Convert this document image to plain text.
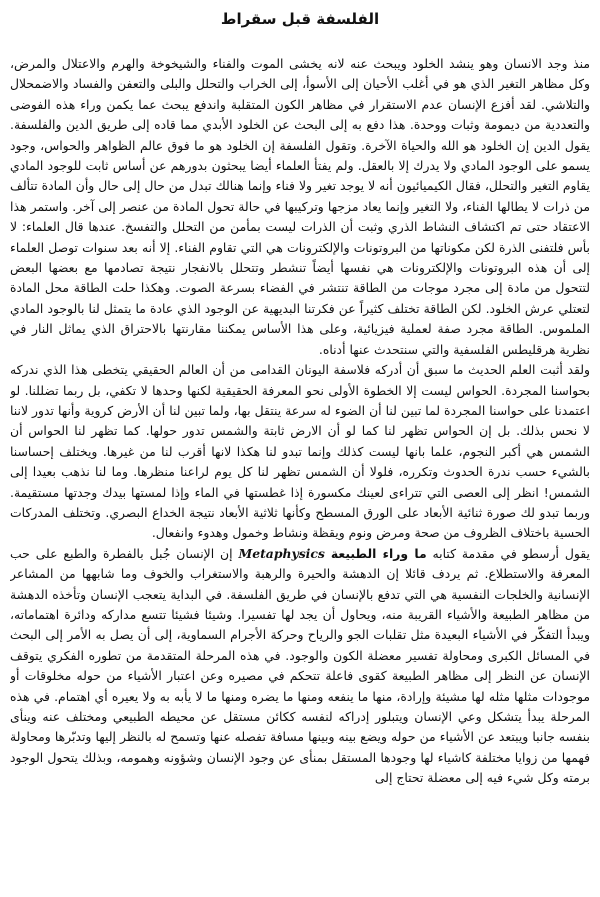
الفلسفة قبل سقراط

منذ وجد الانسان وهو ينشد الخلود ويبحث عنه لانه يخشى الموت والفناء والشيخوخة والهرم والاعتلال والمرض، وكل مظاهر التغير الذي هو في أغلب الأحيان إلى الأسوأ، إلى الخراب والتحلل والبلى والتعفن والفساد والاضمحلال والتلاشي. لقد أفزع الإنسان عدم الاستقرار في مظاهر الكون المتقلبة واندفع يبحث عما يكمن وراء هذه الفوضى والتعددية من ديمومة وثبات ووحدة. هذا دفع به إلى البحث عن الخلود الأبدي مما قاده إلى طريق الدين والفلسفة. يقول الدين إن الخلود هو الله والحياة الآخرة. وتقول الفلسفة إن الخلود هو ما فوق عالم الظواهر والحواس، وجود يسمو على الوجود المادي ولا يدرك إلا بالعقل. ولم يفتأ العلماء أيضا يبحثون بدورهم عن أساس ثابت للوجود المادي يقاوم التغير والتحلل، فقال الكيميائيون أنه لا يوجد تغير ولا فناء وإنما هنالك تبدل من حال إلى حال وأن المادة تتألف من ذرات لا يطالها الفناء، ولا التغير وإنما يعاد مزجها وتركيبها في حالة تحول المادة من عنصر إلى آخر. واستمر هذا الاعتقاد حتى تم اكتشاف النشاط الذري وثبت أن الذرات ليست بمأمن من التحلل والتفسخ. عندها قال العلماء: لا بأس فلتفنى الذرة لكن مكوناتها من البروتونات والإلكترونات هي التي تقاوم الفناء. إلا أنه بعد سنوات توصل العلماء إلى أن هذه البروتونات والإلكترونات هي نفسها أيضاً تنشطر وتتحلل بالانفجار نتيجة تصادمها مع بعضها البعض لتتحول من مادة إلى مجرد موجات من الطاقة تنتشر في الفضاء بسرعة الصوت. وهكذا حلت الطاقة محل المادة لتعتلي عرش الخلود. لكن الطاقة تختلف كثيراً عن فكرتنا البديهية عن الوجود الذي عادة ما يتمثل لنا بالوجود المادي الملموس. الطاقة مجرد صفة لعملية فيزيائية، وعلى هذا الأساس يمكننا مقارنتها بالاحتراق الذي يماثل النار في نظرية هرقليطس الفلسفية والتي سنتحدث عنها أدناه.

ولقد أثبت العلم الحديث ما سبق أن أدركه فلاسفة اليونان القدامى من أن العالم الحقيقي يتخطى هذا الذي ندركه بحواسنا المجردة. الحواس ليست إلا الخطوة الأولى نحو المعرفة الحقيقية لكنها وحدها لا تكفي، بل ربما تضللنا. لو اعتمدنا على حواسنا المجردة لما تبين لنا أن الضوء له سرعة ينتقل بها، ولما تبين لنا أن الأرض كروية وأنها تدور لاننا لا نحس بذلك. بل إن الحواس تظهر لنا كما لو أن الارض ثابتة والشمس تدور حولها. كما تظهر لنا الحواس أن الشمس هي أكبر النجوم، علما بانها ليست كذلك وإنما تبدو لنا هكذا لانها أقرب لنا من غيرها. ويختلف إحساسنا بالشيء حسب ندرة الحدوث وتكرره، فلولا أن الشمس تظهر لنا كل يوم لراعنا منظرها. وما لنا نذهب بعيدا إلى الشمس! انظر إلى العصى التي تتراءى لعينك مكسورة إذا غطستها في الماء وإذا لمستها بيدك وجدتها مستقيمة. وربما تبدو لك صورة ثنائية الأبعاد على الورق المسطح وكأنها ثلاثية الأبعاد نتيجة الخداع البصري. وتختلف المدركات الحسية باختلاف الظروف من صحة ومرض ونوم ويقظة ونشاط وخمول وهدوء وانفعال.

يقول أرسطو في مقدمة كتابه ما وراء الطبيعة Metaphysics إن الإنسان جُبل بالفطرة والطبع على حب المعرفة والاستطلاع. ثم يردف قائلا إن الدهشة والحيرة والرهبة والاستغراب والخوف وما شابهها من المشاعر الإنسانية والخلجات النفسية هي التي تدفع بالإنسان في طريق الفلسفة. في البداية يتعجب الإنسان وتأخذه الدهشة من مظاهر الطبيعة والأشياء القريبة منه، ويحاول أن يجد لها تفسيرا. وشيئا فشيئا تتسع مداركه ودائرة اهتماماته، ويبدأ التفكّر في الأشياء البعيدة مثل تقلبات الجو والرياح وحركة الأجرام السماوية، إلى أن يصل به الأمر إلى البحث في المسائل الكبرى ومحاولة تفسير معضلة الكون والوجود. في هذه المرحلة المتقدمة من تطوره الفكري يتوقف الإنسان عن النظر إلى مظاهر الطبيعة كقوى فاعلة تتحكم في مصيره وعن اعتبار الأشياء من حوله مخلوقات أو موجودات مثلها مثله لها مشيئة وإرادة، منها ما ينفعه ومنها ما يضره ومنها ما لا يأبه به ولا يعيره أي اهتمام. في هذه المرحلة يبدأ يتشكل وعي الإنسان ويتبلور إدراكه لنفسه ككائن مستقل عن محيطه الطبيعي ومختلف عنه وينأى بنفسه جانبا ويبتعد عن الأشياء من حوله ويضع بينه وبينها مسافة تفصله عنها وتسمح له بالنظر إليها وتدبّرها ومحاولة فهمها من زوايا مختلفة كاشياء لها وجودها المستقل بمنأى عن وجود الإنسان وشؤونه وهمومه، وبذلك يتحول الوجود برمته وكل شيء فيه إلى معضلة تحتاج إلى
